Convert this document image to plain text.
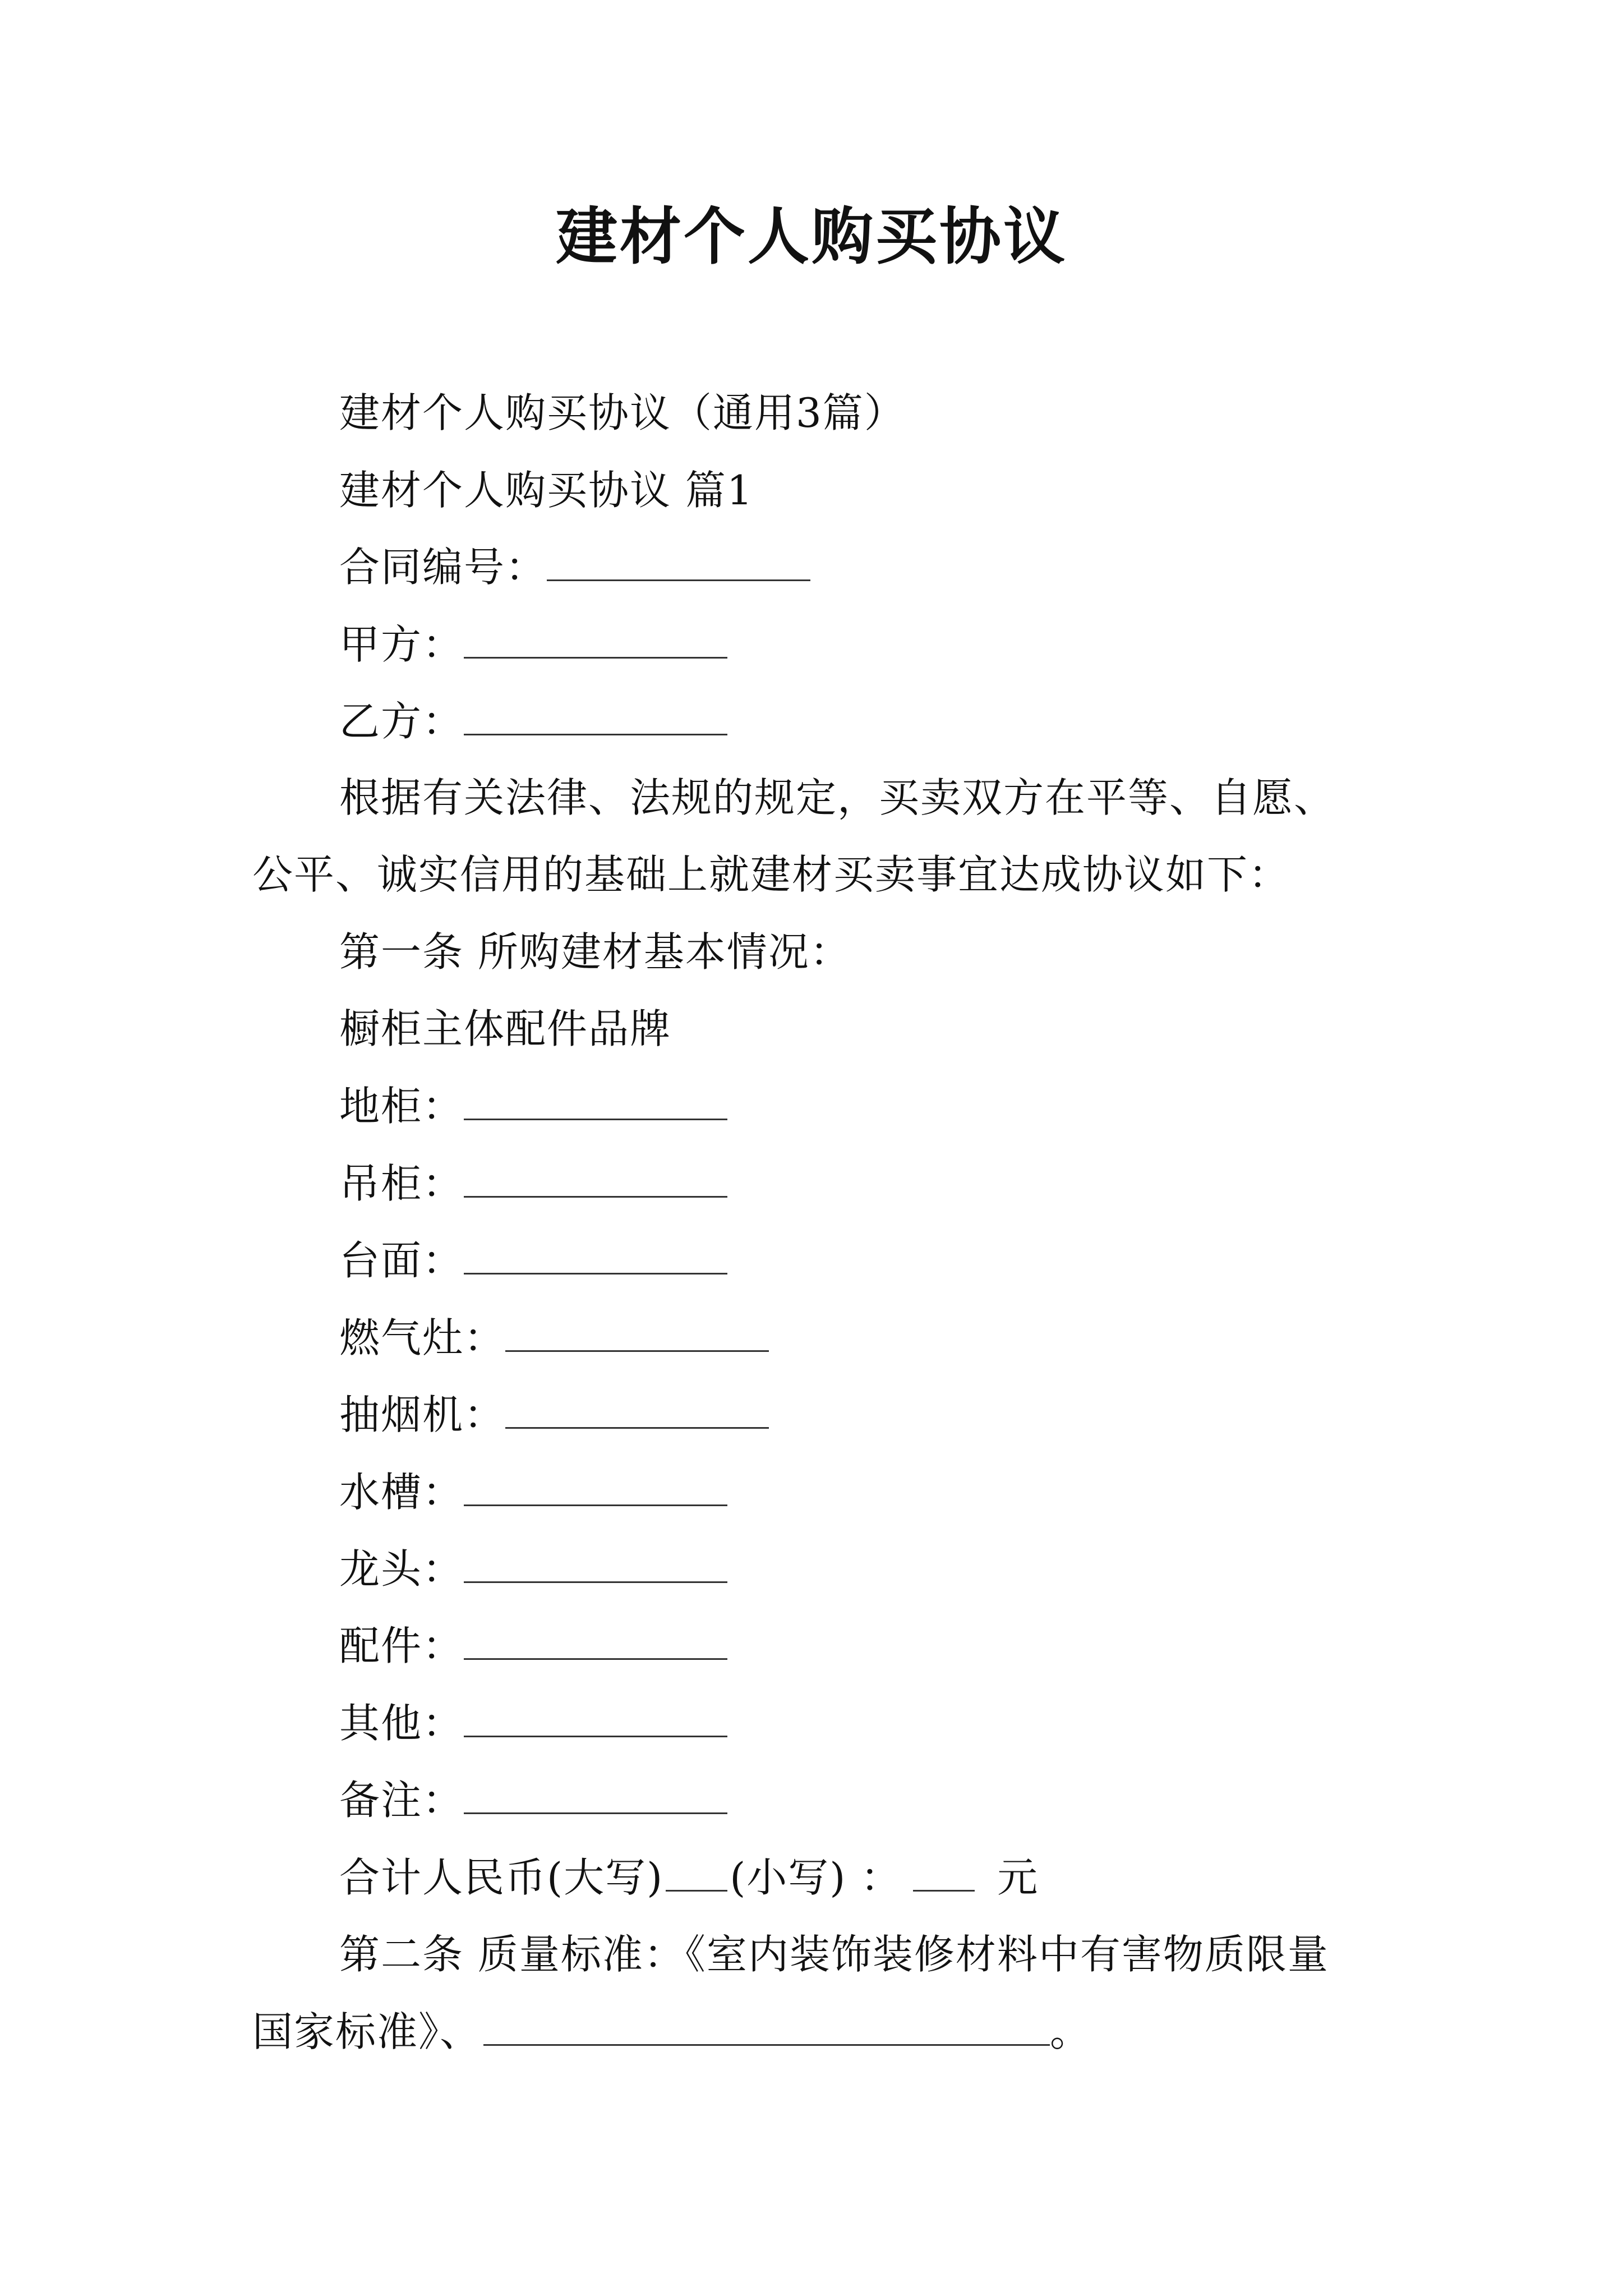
建材个人购买协议
建材个人购买协议（通用3篇）
建材个人购买协议 篇1
合同编号：
甲方：
乙方：
根据有关法律、法规的规定，买卖双方在平等、自愿、
公平、诚实信用的基础上就建材买卖事宜达成协议如下：
第一条 所购建材基本情况：
橱柜主体配件品牌
地柜：
吊柜：
台面：
燃气灶：
抽烟机：
水槽：
龙头：
配件：
其他：
备注：
合计人民币(大写) (小写) ： 元
第二条 质量标准：《室内装饰装修材料中有害物质限量
国家标准》、	。
